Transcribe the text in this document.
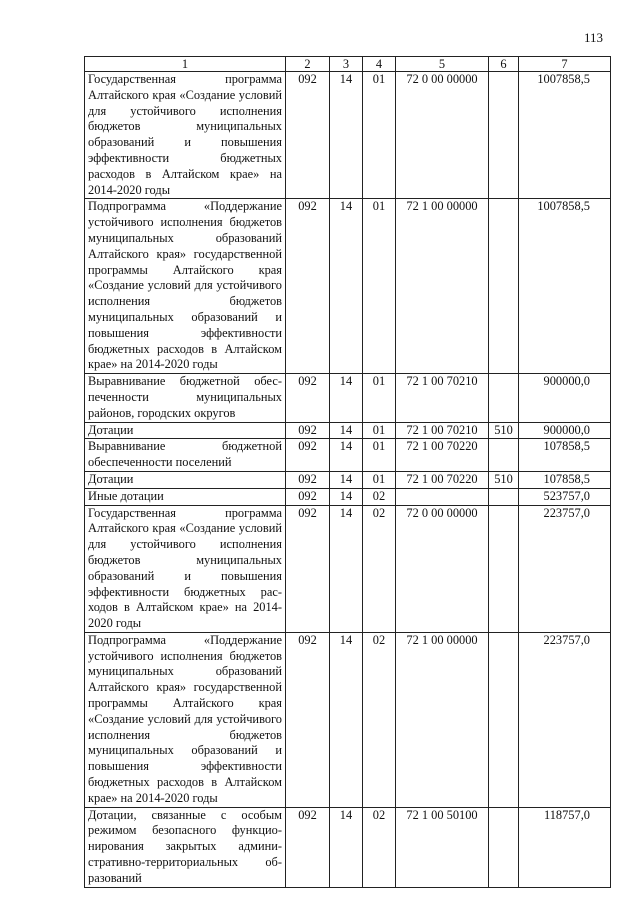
113
1	2	3	4	5	6	7
Государственная программа Алтайского края «Создание условий для устойчивого исполнения бюджетов муниципальных образований и повышения эффективности бюджетных расходов в Алтайском крае» на 2014-2020 годы	092	14	01	72 0 00 00000		1007858,5
Подпрограмма «Поддержание устойчивого исполнения бюджетов муниципальных образований Алтайского края» государственной программы Алтайского края «Создание условий для устойчивого исполнения бюджетов муниципальных образований и повышения эффективности бюджетных расходов в Алтайском крае» на 2014-2020 годы	092	14	01	72 1 00 00000		1007858,5
Выравнивание бюджетной обеспеченности муниципальных районов, городских округов	092	14	01	72 1 00 70210		900000,0
Дотации	092	14	01	72 1 00 70210	510	900000,0
Выравнивание бюджетной обеспеченности поселений	092	14	01	72 1 00 70220		107858,5
Дотации	092	14	01	72 1 00 70220	510	107858,5
Иные дотации	092	14	02			523757,0
Государственная программа Алтайского края «Создание условий для устойчивого исполнения бюджетов муниципальных образований и повышения эффективности бюджетных расходов в Алтайском крае» на 2014-2020 годы	092	14	02	72 0 00 00000		223757,0
Подпрограмма «Поддержание устойчивого исполнения бюджетов муниципальных образований Алтайского края» государственной программы Алтайского края «Создание условий для устойчивого исполнения бюджетов муниципальных образований и повышения эффективности бюджетных расходов в Алтайском крае» на 2014-2020 годы	092	14	02	72 1 00 00000		223757,0
Дотации, связанные с особым режимом безопасного функционирования закрытых административно-территориальных образований	092	14	02	72 1 00 50100		118757,0
